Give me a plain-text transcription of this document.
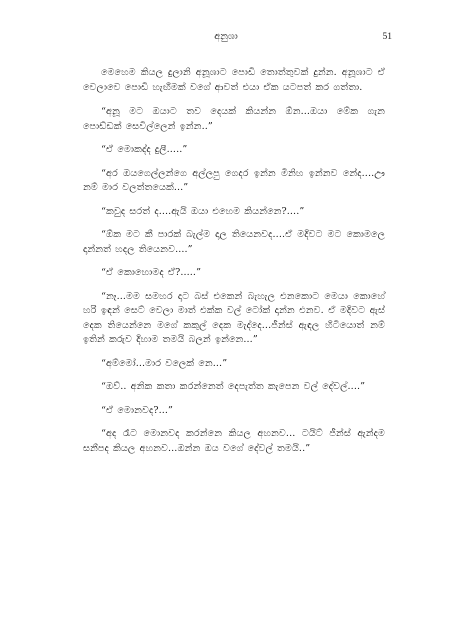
අනුශා	51

මෙහෙම කියල දුලානි අනූශාට පොඩි තොත්තුවක් දුන්න. අනූශාට ඒ වෙලාවෙ පොඩි හැඟීමක් වගේ ආවත් එයා ඒක යටපත් කර ගත්තා.

“අනූ මට ඔයාට තව දෙයක් කියන්න ඕන...ඔයා මේක ගැන පොඩ්ඩක් සෙවිල්ලෙන් ඉන්න..”

“ඒ මොකද්ද දුලී.....”

“අර ඔයගෙල්ලන්ගෙ අල්ලපු ගෙදර ඉන්න මිනිහ ඉන්නව නේද....ඌ නම් මාර වලත්තයෙක්...”

“කවුද සරත් ද....ඇයි ඔයා එහෙම කියන්නෙ?....”

“ඕක මට කී පාරක් බැල්ම දාල තියෙනවද....ඒ මදිවට මට කොමලෙ දාන්නත් හදල තියෙනව....”

“ඒ කොහොමද ඒ?.....”

“නෑ...මම සමහර දාට බස් එකෙන් බැහැල එනකොට මෙයා කොහේ හරි ඉඳන් සෙට් වෙලා මාත් එක්ක වල් ටෝක් දාන්න එනව. ඒ මදිවට ඇස් දෙක තියෙන්නෙ මගේ කකුල් දෙක මැද්දෙ...ජීන්ස් ඇඳල හිටියොත් නම් ඉතින් කරුව දිහාම තමයි බලන් ඉන්නෙ...”

“අම්මෝ...මාර වලෙක් නෙ...”

“ඔව්.. අනික කතා කරන්නෙත් දෙපැත්ත කැපෙන වල් දේවල්....”

“ඒ මොනවද?...”

“අද රෑට මොනවද කරන්නෙ කියල අහනව... ටයිට් ජීන්ස් ඇන්දම සනීපද කියල අහනව...ඔන්න ඔය වගේ දේවල් තමයි..”
